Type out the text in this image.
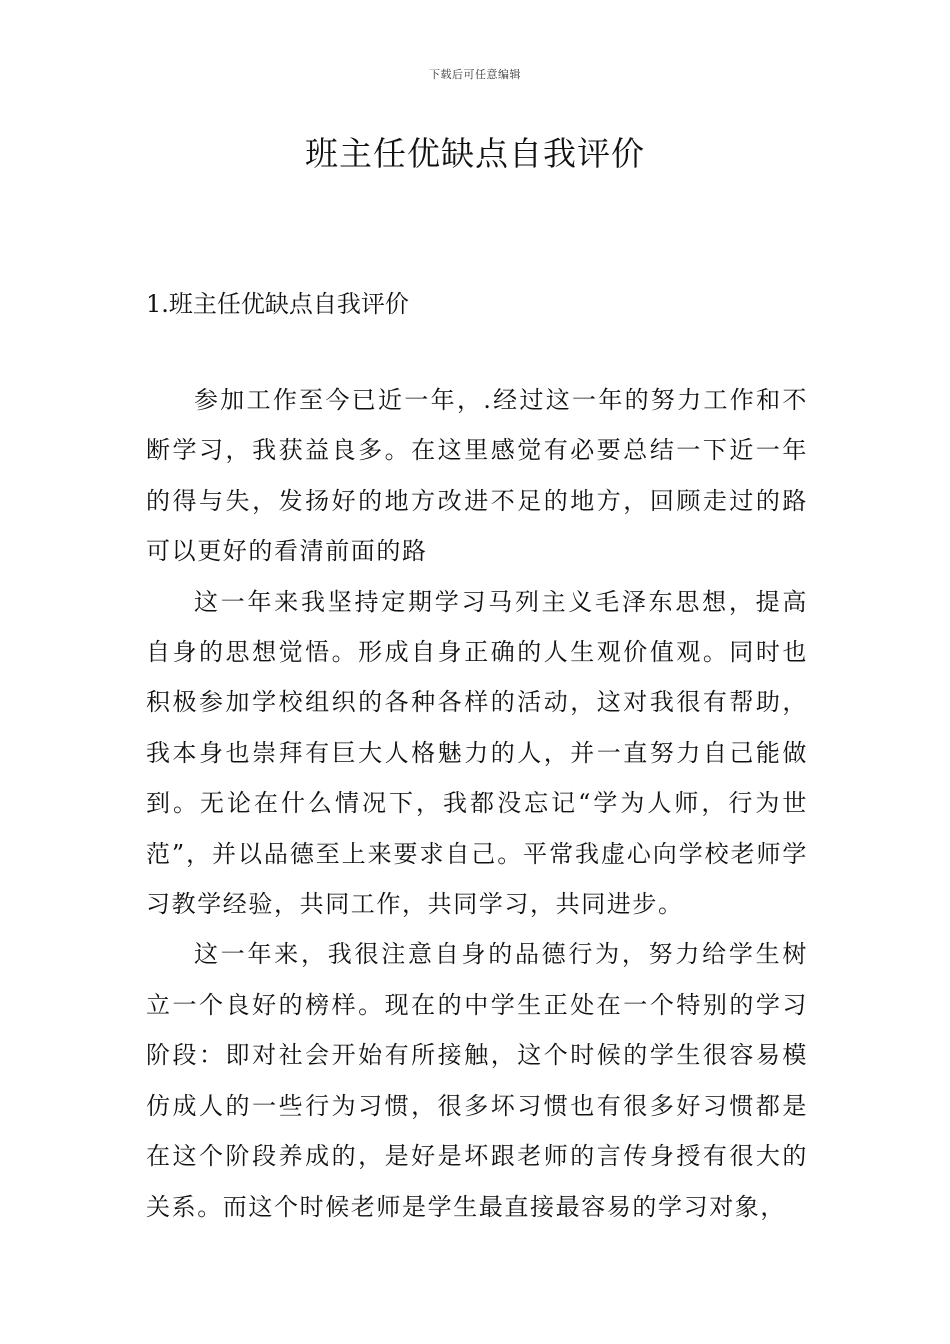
下载后可任意编辑
班主任优缺点自我评价
1.班主任优缺点自我评价

参加工作至今已近一年，.经过这一年的努力工作和不断学习，我获益良多。在这里感觉有必要总结一下近一年的得与失，发扬好的地方改进不足的地方，回顾走过的路可以更好的看清前面的路

这一年来我坚持定期学习马列主义毛泽东思想，提高自身的思想觉悟。形成自身正确的人生观价值观。同时也积极参加学校组织的各种各样的活动，这对我很有帮助，我本身也崇拜有巨大人格魅力的人，并一直努力自己能做到。无论在什么情况下，我都没忘记“学为人师，行为世范”，并以品德至上来要求自己。平常我虚心向学校老师学习教学经验，共同工作，共同学习，共同进步。

这一年来，我很注意自身的品德行为，努力给学生树立一个良好的榜样。现在的中学生正处在一个特别的学习阶段：即对社会开始有所接触，这个时候的学生很容易模仿成人的一些行为习惯，很多坏习惯也有很多好习惯都是在这个阶段养成的，是好是坏跟老师的言传身授有很大的关系。而这个时候老师是学生最直接最容易的学习对象，
